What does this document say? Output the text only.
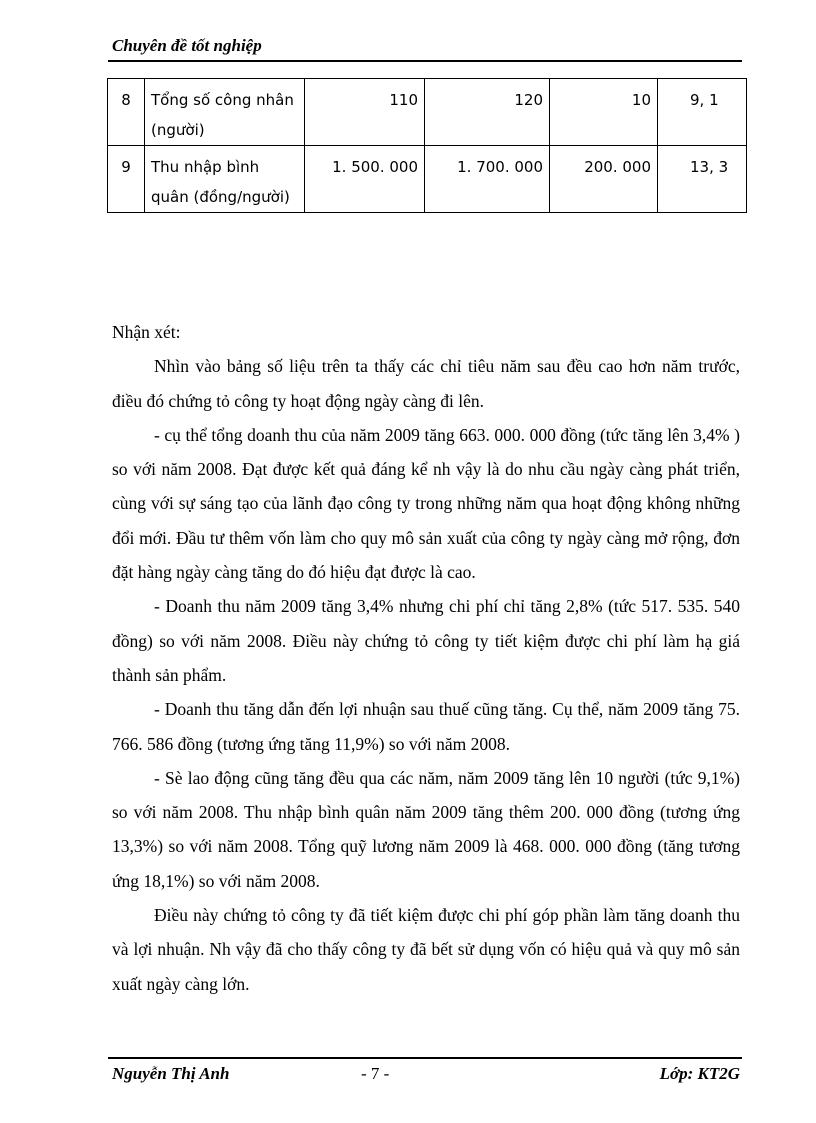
Chuyên đề tốt nghiệp
8	Tổng số công nhân (người)	110	120	10	9, 1
9	Thu nhập bình quân (đồng/người)	1. 500. 000	1. 700. 000	200. 000	13, 3

Nhận xét:

Nhìn vào bảng số liệu trên ta thấy các chỉ tiêu năm sau đều cao hơn năm trước, điều đó chứng tỏ công ty hoạt động ngày càng đi lên.

- cụ thể tổng doanh thu của năm 2009 tăng 663. 000. 000 đồng (tức tăng lên 3,4% ) so với năm 2008. Đạt được kết quả đáng kể nh vậy là do nhu cầu ngày càng phát triển, cùng với sự sáng tạo của lãnh đạo công ty trong những năm qua hoạt động không những đổi mới. Đầu tư thêm vốn làm cho quy mô sản xuất của công ty ngày càng mở rộng, đơn đặt hàng ngày càng tăng do đó hiệu đạt được là cao.

- Doanh thu năm 2009 tăng 3,4% nhưng chi phí chỉ tăng 2,8% (tức 517. 535. 540 đồng) so với năm 2008. Điều này chứng tỏ công ty tiết kiệm được chi phí làm hạ giá thành sản phẩm.

- Doanh thu tăng dẫn đến lợi nhuận sau thuế cũng tăng. Cụ thể, năm 2009 tăng 75. 766. 586 đồng (tương ứng tăng 11,9%) so với năm 2008.

- Sè lao động cũng tăng đều qua các năm, năm 2009 tăng lên 10 người (tức 9,1%) so với năm 2008. Thu nhập bình quân năm 2009 tăng thêm 200. 000 đồng (tương ứng 13,3%) so với năm 2008. Tổng quỹ lương năm 2009 là 468. 000. 000 đồng (tăng tương ứng 18,1%) so với năm 2008.

Điều này chứng tỏ công ty đã tiết kiệm được chi phí góp phần làm tăng doanh thu và lợi nhuận. Nh vậy đã cho thấy công ty đã bết sử dụng vốn có hiệu quả và quy mô sản xuất ngày càng lớn.

Nguyễn Thị Anh	- 7 -	Lớp: KT2G
